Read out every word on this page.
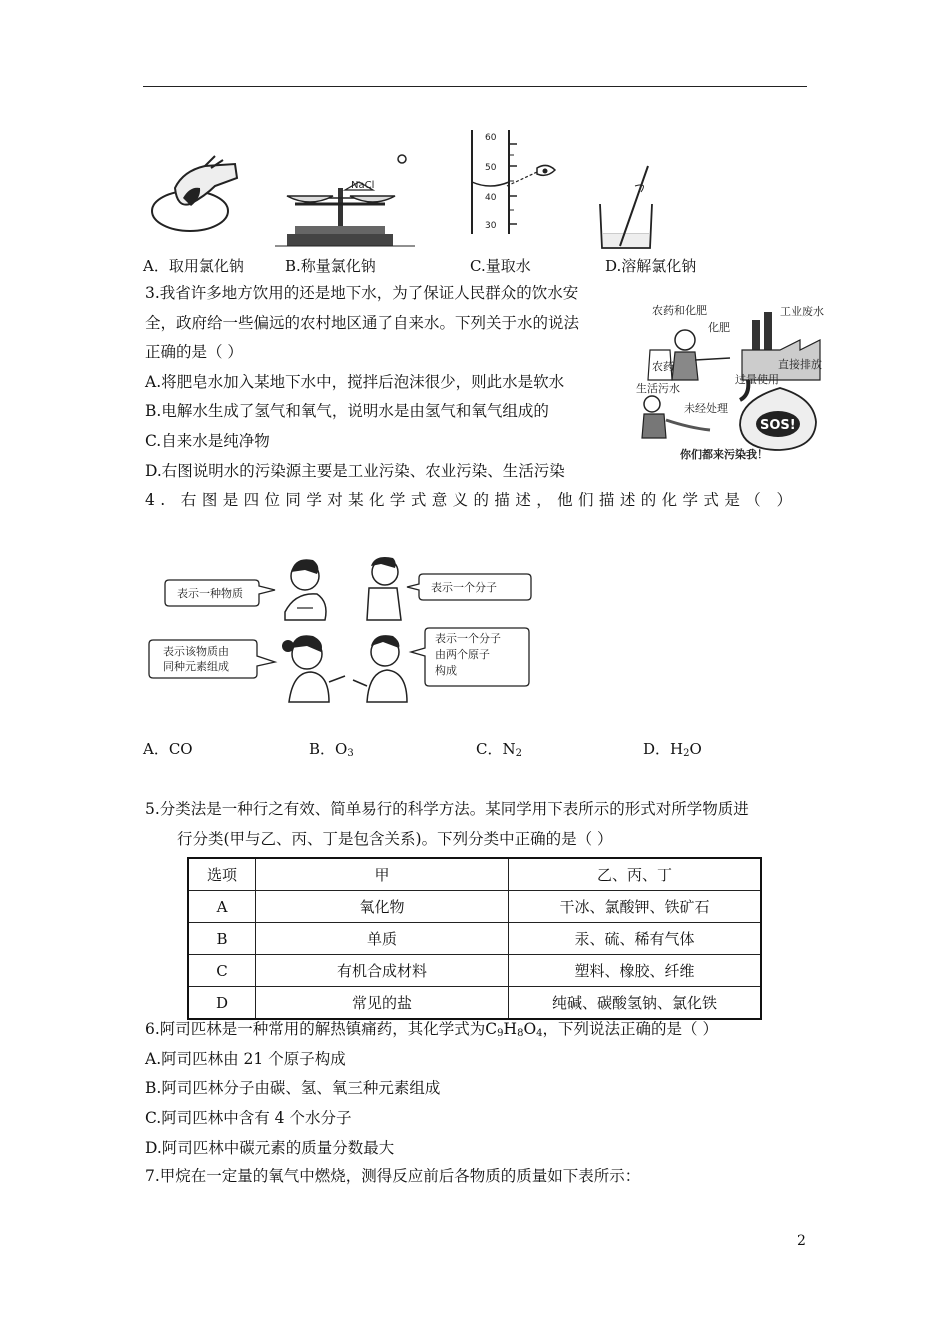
NaCl
60
50
40
30
A．取用氯化钠	B.称量氯化钠	C.量取水	D.溶解氯化钠
3.我省许多地方饮用的还是地下水，为了保证人民群众的饮水安
全，政府给一些偏远的农村地区通了自来水。下列关于水的说法
正确的是（ ）
A.将肥皂水加入某地下水中，搅拌后泡沫很少，则此水是软水
B.电解水生成了氢气和氧气，说明水是由氢气和氧气组成的
C.自来水是纯净物
D.右图说明水的污染源主要是工业污染、农业污染、生活污染
农药和化肥
化肥
工业废水
农药	直接排放
过量使用
生活污水
未经处理
SOS!
你们都来污染我！
4. 右图是四位同学对某化学式意义的描述，他们描述的化学式是（ ）
表示一种物质	表示一个分子
表示该物质由
同种元素组成
表示一个分子
由两个原子
构成
A．CO	B．$O_3$	C．$N_2$	D．$H_2O$
5.分类法是一种行之有效、简单易行的科学方法。某同学用下表所示的形式对所学物质进
行分类(甲与乙、丙、丁是包含关系)。下列分类中正确的是（ ）
选项	甲	乙、丙、丁
A	氧化物	干冰、氯酸钾、铁矿石
B	单质	汞、硫、稀有气体
C	有机合成材料	塑料、橡胶、纤维
D	常见的盐	纯碱、碳酸氢钠、氯化铁
6.阿司匹林是一种常用的解热镇痛药，其化学式为$C_9H_8O_4$，下列说法正确的是（ ）
A.阿司匹林由 21 个原子构成
B.阿司匹林分子由碳、氢、氧三种元素组成
C.阿司匹林中含有 4 个水分子
D.阿司匹林中碳元素的质量分数最大
7.甲烷在一定量的氧气中燃烧，测得反应前后各物质的质量如下表所示：
2
